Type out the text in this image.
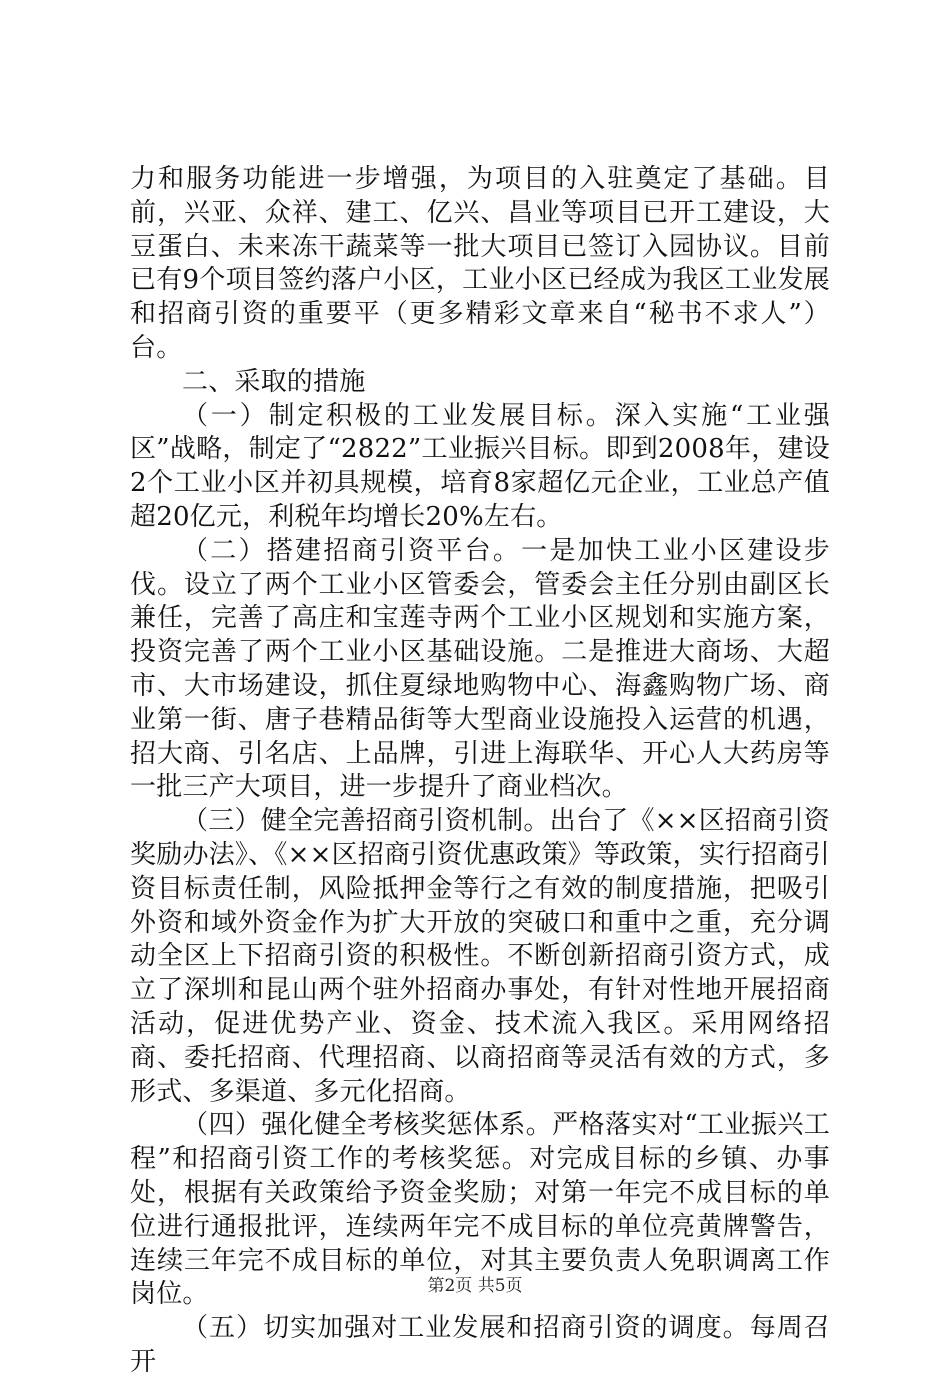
力和服务功能进一步增强，为项目的入驻奠定了基础。目前，兴亚、众祥、建工、亿兴、昌业等项目已开工建设，大豆蛋白、未来冻干蔬菜等一批大项目已签订入园协议。目前已有9个项目签约落户小区，工业小区已经成为我区工业发展和招商引资的重要平（更多精彩文章来自“秘书不求人”）台。

二、采取的措施

（一）制定积极的工业发展目标。深入实施“工业强区”战略，制定了“2822”工业振兴目标。即到2008年，建设2个工业小区并初具规模，培育8家超亿元企业，工业总产值超20亿元，利税年均增长20%左右。

（二）搭建招商引资平台。一是加快工业小区建设步伐。设立了两个工业小区管委会，管委会主任分别由副区长兼任，完善了高庄和宝莲寺两个工业小区规划和实施方案，投资完善了两个工业小区基础设施。二是推进大商场、大超市、大市场建设，抓住夏绿地购物中心、海鑫购物广场、商业第一街、唐子巷精品街等大型商业设施投入运营的机遇，招大商、引名店、上品牌，引进上海联华、开心人大药房等一批三产大项目，进一步提升了商业档次。

（三）健全完善招商引资机制。出台了《××区招商引资奖励办法》、《××区招商引资优惠政策》等政策，实行招商引资目标责任制，风险抵押金等行之有效的制度措施，把吸引外资和域外资金作为扩大开放的突破口和重中之重，充分调动全区上下招商引资的积极性。不断创新招商引资方式，成立了深圳和昆山两个驻外招商办事处，有针对性地开展招商活动，促进优势产业、资金、技术流入我区。采用网络招商、委托招商、代理招商、以商招商等灵活有效的方式，多形式、多渠道、多元化招商。

（四）强化健全考核奖惩体系。严格落实对“工业振兴工程”和招商引资工作的考核奖惩。对完成目标的乡镇、办事处，根据有关政策给予资金奖励；对第一年完不成目标的单位进行通报批评，连续两年完不成目标的单位亮黄牌警告，连续三年完不成目标的单位，对其主要负责人免职调离工作岗位。

（五）切实加强对工业发展和招商引资的调度。每周召开

第2页 共5页
